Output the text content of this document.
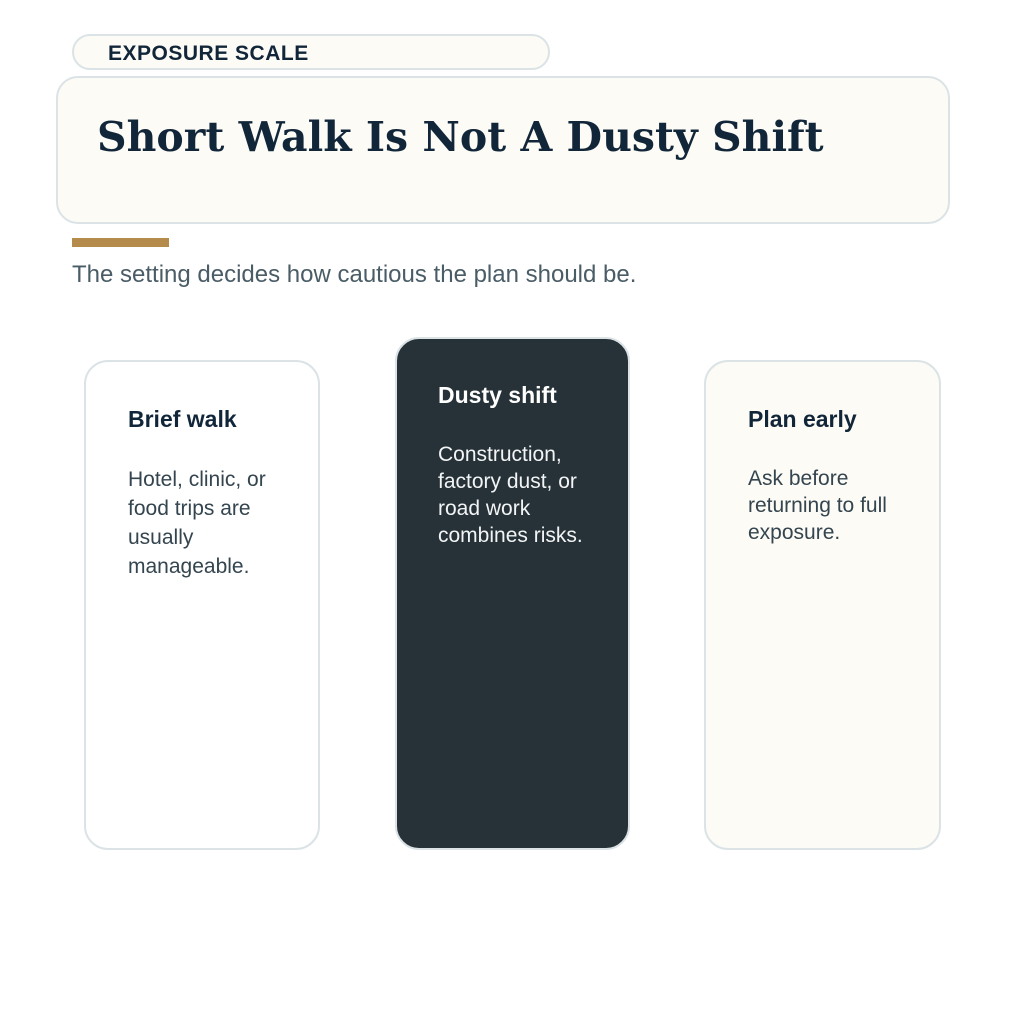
EXPOSURE SCALE
Short Walk Is Not A Dusty Shift
The setting decides how cautious the plan should be.
Brief walk
Hotel, clinic, or food trips are usually manageable.
Dusty shift
Construction, factory dust, or road work combines risks.
Plan early
Ask before returning to full exposure.
